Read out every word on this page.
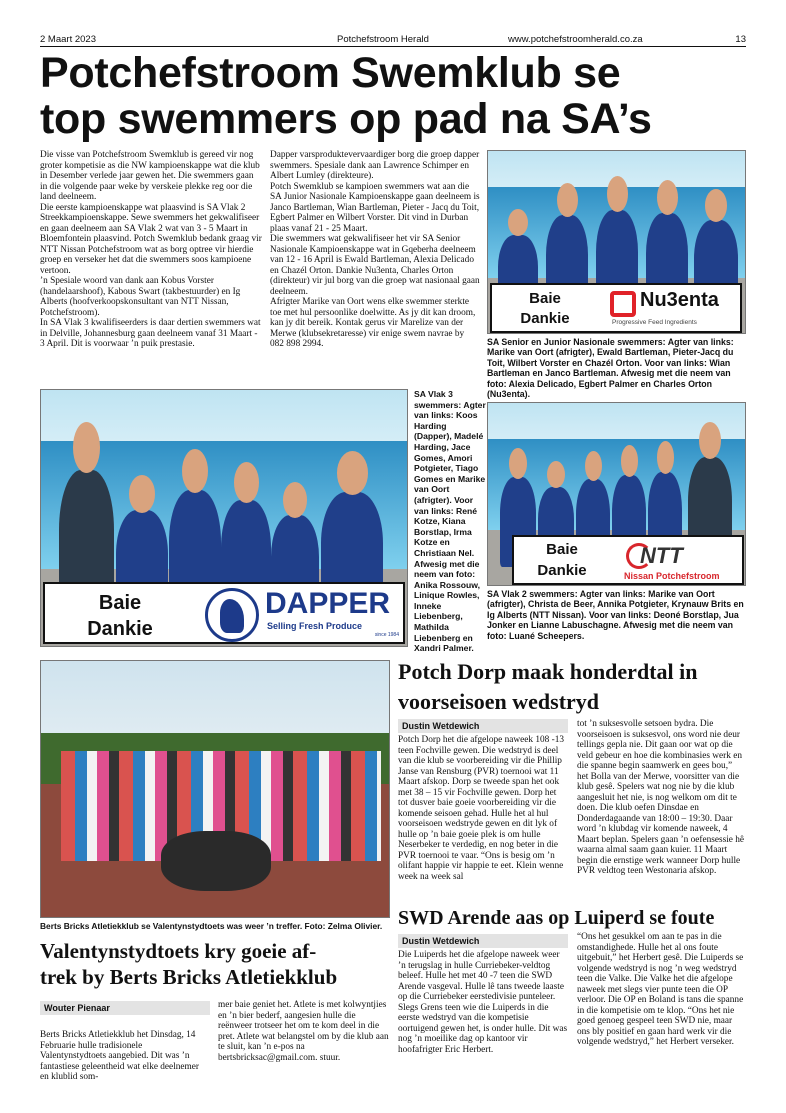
2 Maart 2023	Potchefstroom Herald	www.potchefstroomherald.co.za	13
Potchefstroom Swemklub se
top swemmers op pad na SA’s

Die visse van Potchefstroom Swemklub is gereed vir nog groter kompetisie as die NW kampioenskappe wat die klub in Desember verlede jaar gewen het. Die swemmers gaan in die volgende paar weke by verskeie plekke reg oor die land deelneem.

Die eerste kampioenskappe wat plaasvind is SA Vlak 2 Streekkampioenskappe. Sewe swemmers het gekwalifiseer en gaan deelneem aan SA Vlak 2 wat van 3 - 5 Maart in Bloemfontein plaasvind. Potch Swemklub bedank graag vir NTT Nissan Potchefstroom wat as borg optree vir hierdie groep en verseker het dat die swemmers soos kampioene vertoon.

’n Spesiale woord van dank aan Kobus Vorster (handelaarshoof), Kabous Swart (takbestuurder) en Ig Alberts (hoofverkoopskonsultant van NTT Nissan, Potchefstroom).

In SA Vlak 3 kwalifiseerders is daar dertien swemmers wat in Delville, Johannesburg gaan deelneem vanaf 31 Maart - 3 April. Dit is voorwaar ’n puik prestasie.

Dapper varsproduktevervaardiger borg die groep dapper swemmers. Spesiale dank aan Lawrence Schimper en Albert Lumley (direkteure).

Potch Swemklub se kampioen swemmers wat aan die SA Junior Nasionale Kampioenskappe gaan deelneem is Janco Bartleman, Wian Bartleman, Pieter - Jacq du Toit, Egbert Palmer en Wilbert Vorster. Dit vind in Durban plaas vanaf 21 - 25 Maart.

Die swemmers wat gekwalifiseer het vir SA Senior Nasionale Kampioenskappe wat in Gqeberha deelneem van 12 - 16 April is Ewald Bartleman, Alexia Delicado en Chazél Orton. Dankie Nu3enta, Charles Orton (direkteur) vir jul borg van die groep wat nasionaal gaan deelneem.

Afrigter Marike van Oort wens elke swemmer sterkte toe met hul persoonlike doelwitte. As jy dit kan droom, kan jy dit bereik. Kontak gerus vir Marelize van der Merwe (klubsekretaresse) vir enige swem navrae by 082 898 2994.

Baie
Dankie
Nu3enta
Progressive Feed Ingredients
SA Senior en Junior Nasionale swemmers: Agter van links: Marike van Oort (afrigter), Ewald Bartleman, Pieter-Jacq du Toit, Wilbert Vorster en Chazél Orton. Voor van links: Wian Bartleman en Janco Bartleman. Afwesig met die neem van foto: Alexia Delicado, Egbert Palmer en Charles Orton (Nu3enta).
Baie
Dankie
DAPPER
Selling Fresh Produce
since 1984
SA Vlak 3 swemmers: Agter van links: Koos Harding (Dapper), Madelé Harding, Jace Gomes, Amori Potgieter, Tiago Gomes en Marike van Oort (afrigter). Voor van links: René Kotze, Kiana Borstlap, Irma Kotze en Christiaan Nel. Afwesig met die neem van foto: Anika Rossouw, Linique Rowles, Inneke Liebenberg, Mathilda Liebenberg en Xandri Palmer.
Baie
Dankie
NTT
Nissan Potchefstroom
SA Vlak 2 swemmers: Agter van links: Marike van Oort (afrigter), Christa de Beer, Annika Potgieter, Krynauw Brits en Ig Alberts (NTT Nissan). Voor van links: Deoné Borstlap, Jua Jonker en Lianne Labuschagne. Afwesig met die neem van foto: Luané Scheepers.
Potch Dorp maak honderdtal in
voorseisoen wedstryd
Dustin Wetdewich
Potch Dorp het die afgelope naweek 108 -13 teen Fochville gewen. Die wedstryd is deel van die klub se voorbereiding vir die Phillip Janse van Rensburg (PVR) toernooi wat 11 Maart afskop. Dorp se tweede span het ook met 38 – 15 vir Fochville gewen. Dorp het tot dusver baie goeie voorbereiding vir die komende seisoen gehad. Hulle het al hul voorseisoen wedstryde gewen en dit lyk of hulle op ’n baie goeie plek is om hulle Neserbeker te verdedig, en nog beter in die PVR toernooi te vaar. “Ons is besig om ’n olifant happie vir happie te eet. Klein wenne week na week sal
tot ’n suksesvolle setsoen bydra. Die voorseisoen is suksesvol, ons word nie deur tellings gepla nie. Dit gaan oor wat op die veld gebeur en hoe die kombinasies werk en die spanne begin saamwerk en gees bou,” het Bolla van der Merwe, voorsitter van die klub gesê. Spelers wat nog nie by die klub aangesluit het nie, is nog welkom om dit te doen. Die klub oefen Dinsdae en Donderdagaande van 18:00 – 19:30. Daar word ’n klubdag vir komende naweek, 4 Maart beplan. Spelers gaan ’n oefensessie hê waarna almal saam gaan kuier. 11 Maart begin die ernstige werk wanneer Dorp hulle PVR veldtog teen Westonaria afskop.
Berts Bricks Atletiekklub se Valentynstydtoets was weer ’n treffer. Foto: Zelma Olivier. SWD Arende aas op Luiperd se foute
Dustin Wetdewich
Die Luiperds het die afgelope naweek weer ’n terugslag in hulle Curriebeker-veldtog beleef. Hulle het met 40 -7 teen die SWD Arende vasgeval. Hulle lê tans tweede laaste op die Curriebeker eerstedivisie punteleer. Slegs Grens teen wie die Luiperds in die eerste wedstryd van die kompetisie oortuigend gewen het, is onder hulle. Dit was nog ’n moeilike dag op kantoor vir hoofafrigter Eric Herbert.
“Ons het gesukkel om aan te pas in die omstandighede. Hulle het al ons foute uitgebuit,” het Herbert gesê. Die Luiperds se volgende wedstryd is nog ’n weg wedstryd teen die Valke. Die Valke het die afgelope naweek met slegs vier punte teen die OP verloor. Die OP en Boland is tans die spanne in die kompetisie om te klop. “Ons het nie goed genoeg gespeel teen SWD nie, maar ons bly positief en gaan hard werk vir die volgende wedstryd,” het Herbert verseker.
Valentynstydtoets kry goeie af-
trek by Berts Bricks Atletiekklub
Wouter Pienaar
Berts Bricks Atletiekklub het Dinsdag, 14 Februarie hulle tradisionele Valentynstydtoets aangebied. Dit was ’n fantastiese geleentheid wat elke deelnemer en klublid som-
mer baie geniet het. Atlete is met kolwyntjies en ’n bier bederf, aangesien hulle die reënweer trotseer het om te kom deel in die pret. Atlete wat belangstel om by die klub aan te sluit, kan ’n e-pos na bertsbricksac@gmail.com. stuur.
